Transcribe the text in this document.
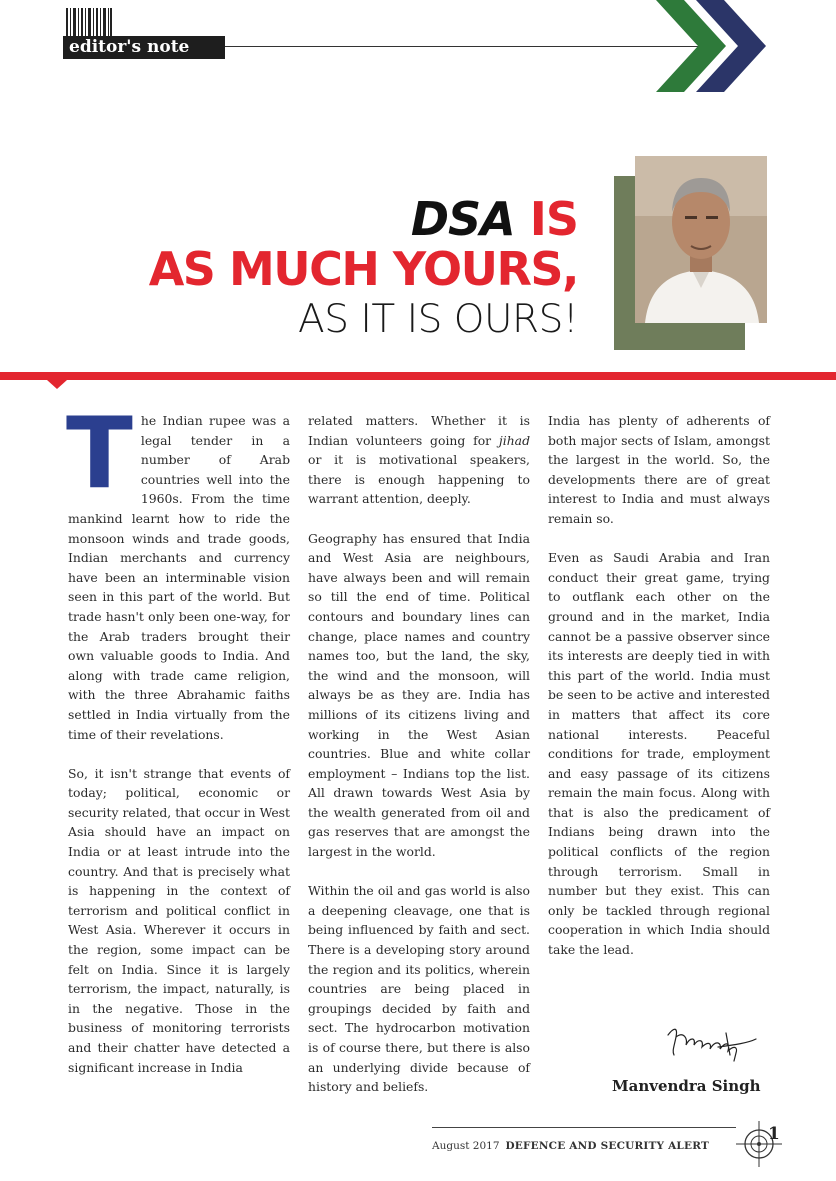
editor's note
DSA IS
AS MUCH YOURS,
AS IT IS OURS!
T he Indian rupee was a legal tender in a number of Arab countries well into the 1960s. From the time mankind learnt how to ride the monsoon winds and trade goods, Indian merchants and currency have been an interminable vision seen in this part of the world. But trade hasn't only been one-way, for the Arab traders brought their own valuable goods to India. And along with trade came religion, with the three Abrahamic faiths settled in India virtually from the time of their revelations.

So, it isn't strange that events of today; political, economic or security related, that occur in West Asia should have an impact on India or at least intrude into the country. And that is precisely what is happening in the context of terrorism and political conflict in West Asia. Wherever it occurs in the region, some impact can be felt on India. Since it is largely terrorism, the impact, naturally, is in the negative. Those in the business of monitoring terrorists and their chatter have detected a significant increase in India

related matters. Whether it is Indian volunteers going for jihad or it is motivational speakers, there is enough happening to warrant attention, deeply.

Geography has ensured that India and West Asia are neighbours, have always been and will remain so till the end of time. Political contours and boundary lines can change, place names and country names too, but the land, the sky, the wind and the monsoon, will always be as they are. India has millions of its citizens living and working in the West Asian countries. Blue and white collar employment – Indians top the list. All drawn towards West Asia by the wealth generated from oil and gas reserves that are amongst the largest in the world.

Within the oil and gas world is also a deepening cleavage, one that is being influenced by faith and sect. There is a developing story around the region and its politics, wherein countries are being placed in groupings decided by faith and sect. The hydrocarbon motivation is of course there, but there is also an underlying divide because of history and beliefs.

India has plenty of adherents of both major sects of Islam, amongst the largest in the world. So, the developments there are of great interest to India and must always remain so.

Even as Saudi Arabia and Iran conduct their great game, trying to outflank each other on the ground and in the market, India cannot be a passive observer since its interests are deeply tied in with this part of the world. India must be seen to be active and interested in matters that affect its core national interests. Peaceful conditions for trade, employment and easy passage of its citizens remain the main focus. Along with that is also the predicament of Indians being drawn into the political conflicts of the region through terrorism. Small in number but they exist. This can only be tackled through regional cooperation in which India should take the lead.

Manvendra Singh
August 2017 DEFENCE AND SECURITY ALERT
1
